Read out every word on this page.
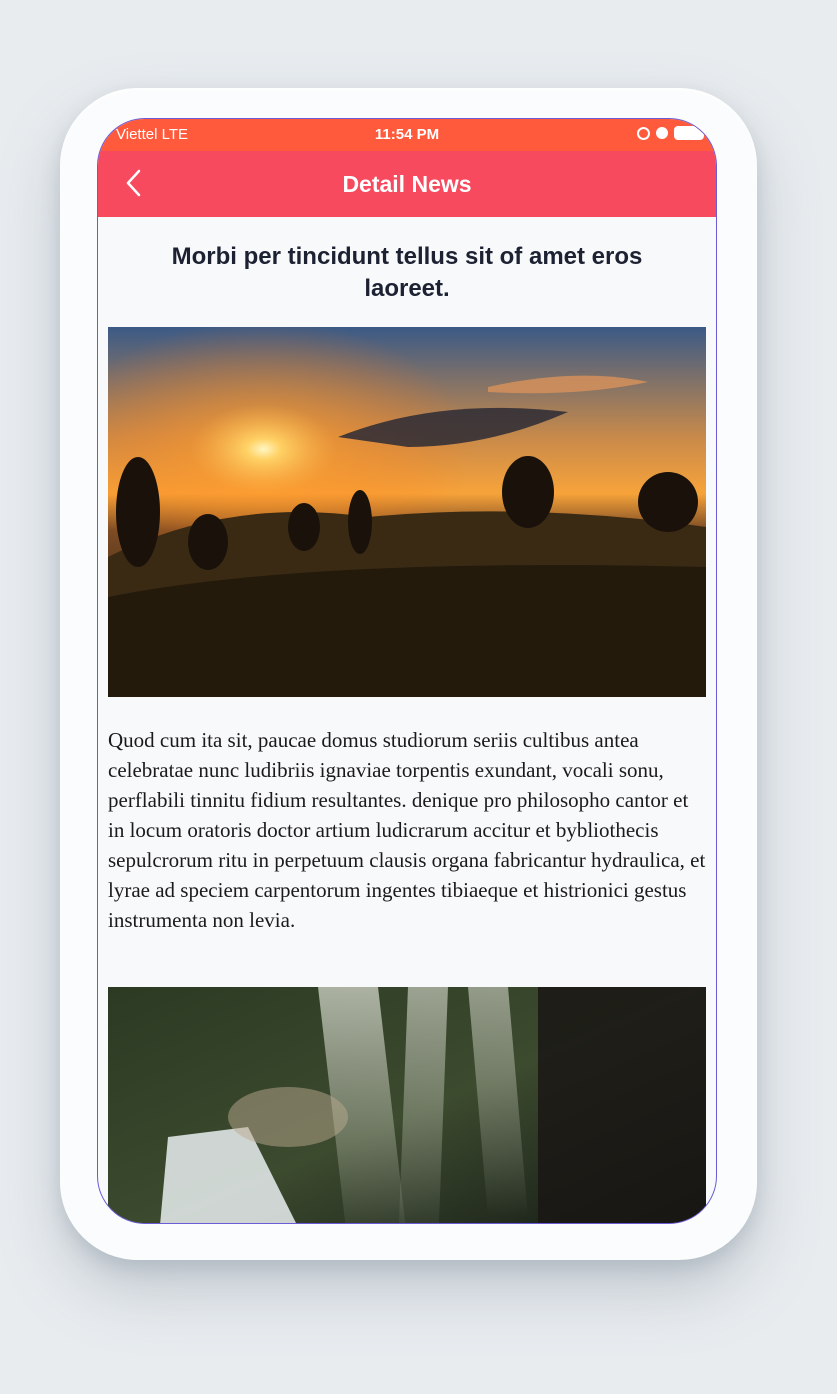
Viettel LTE	11:54 PM
Detail News
Morbi per tincidunt tellus sit of amet eros laoreet.
Quod cum ita sit, paucae domus studiorum seriis cultibus antea celebratae nunc ludibriis ignaviae torpentis exundant, vocali sonu, perflabili tinnitu fidium resultantes. denique pro philosopho cantor et in locum oratoris doctor artium ludicrarum accitur et bybliothecis sepulcrorum ritu in perpetuum clausis organa fabricantur hydraulica, et lyrae ad speciem carpentorum ingentes tibiaeque et histrionici gestus instrumenta non levia.
